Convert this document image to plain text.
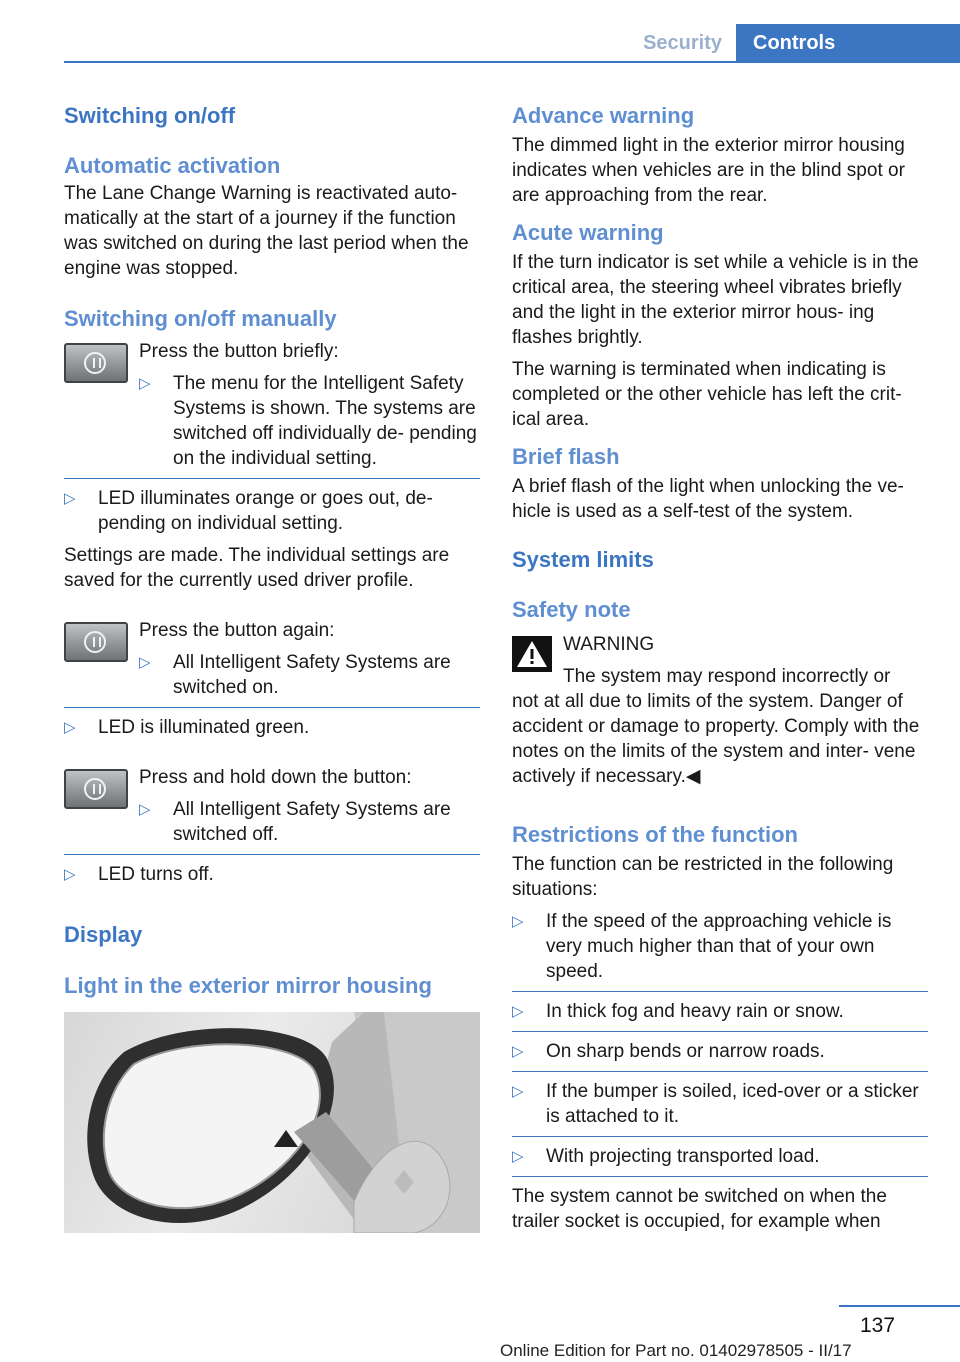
Security	Controls
Switching on/off
Automatic activation

The Lane Change Warning is reactivated auto- matically at the start of a journey if the function was switched on during the last period when the engine was stopped.

Switching on/off manually

Press the button briefly:

▷ The menu for the Intelligent Safety Systems is shown. The systems are switched off individually de- pending on the individual setting.
▷ LED illuminates orange or goes out, de- pending on individual setting.

Settings are made. The individual settings are saved for the currently used driver profile.

Press the button again:

▷ All Intelligent Safety Systems are switched on.
▷ LED is illuminated green.

Press and hold down the button:

▷ All Intelligent Safety Systems are switched off.
▷ LED turns off.
Display
Light in the exterior mirror housing
Advance warning

The dimmed light in the exterior mirror housing indicates when vehicles are in the blind spot or are approaching from the rear.

Acute warning

If the turn indicator is set while a vehicle is in the critical area, the steering wheel vibrates briefly and the light in the exterior mirror hous- ing flashes brightly.

The warning is terminated when indicating is completed or the other vehicle has left the crit- ical area.

Brief flash

A brief flash of the light when unlocking the ve- hicle is used as a self-test of the system.

System limits
Safety note

WARNING

The system may respond incorrectly or

not at all due to limits of the system. Danger of accident or damage to property. Comply with the notes on the limits of the system and inter- vene actively if necessary.◀

Restrictions of the function

The function can be restricted in the following situations:

▷ If the speed of the approaching vehicle is very much higher than that of your own speed.
▷ In thick fog and heavy rain or snow.
▷ On sharp bends or narrow roads.
▷ If the bumper is soiled, iced-over or a sticker is attached to it.
▷ With projecting transported load.

The system cannot be switched on when the trailer socket is occupied, for example when

137
Online Edition for Part no. 01402978505 - II/17
